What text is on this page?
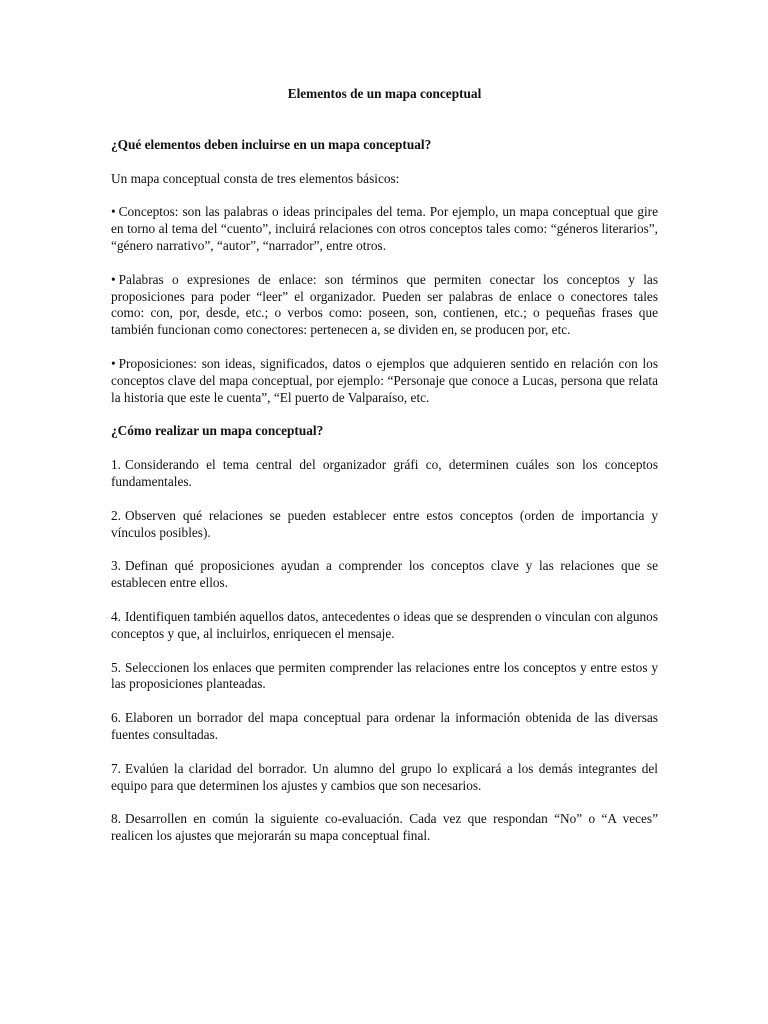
Elementos de un mapa conceptual
¿Qué elementos deben incluirse en un mapa conceptual?

Un mapa conceptual consta de tres elementos básicos:

• Conceptos: son las palabras o ideas principales del tema. Por ejemplo, un mapa conceptual que gire en torno al tema del “cuento”, incluirá relaciones con otros conceptos tales como: “géneros literarios”, “género narrativo”, “autor”, “narrador”, entre otros.

• Palabras o expresiones de enlace: son términos que permiten conectar los conceptos y las proposiciones para poder “leer” el organizador. Pueden ser palabras de enlace o conectores tales como: con, por, desde, etc.; o verbos como: poseen, son, contienen, etc.; o pequeñas frases que también funcionan como conectores: pertenecen a, se dividen en, se producen por, etc.

• Proposiciones: son ideas, significados, datos o ejemplos que adquieren sentido en relación con los conceptos clave del mapa conceptual, por ejemplo: “Personaje que conoce a Lucas, persona que relata la historia que este le cuenta”, “El puerto de Valparaíso, etc.

¿Cómo realizar un mapa conceptual?

1. Considerando el tema central del organizador gráfi co, determinen cuáles son los conceptos fundamentales.

2. Observen qué relaciones se pueden establecer entre estos conceptos (orden de importancia y vínculos posibles).

3. Definan qué proposiciones ayudan a comprender los conceptos clave y las relaciones que se establecen entre ellos.

4. Identifiquen también aquellos datos, antecedentes o ideas que se desprenden o vinculan con algunos conceptos y que, al incluirlos, enriquecen el mensaje.

5. Seleccionen los enlaces que permiten comprender las relaciones entre los conceptos y entre estos y las proposiciones planteadas.

6. Elaboren un borrador del mapa conceptual para ordenar la información obtenida de las diversas fuentes consultadas.

7. Evalúen la claridad del borrador. Un alumno del grupo lo explicará a los demás integrantes del equipo para que determinen los ajustes y cambios que son necesarios.

8. Desarrollen en común la siguiente co-evaluación. Cada vez que respondan “No” o “A veces” realicen los ajustes que mejorarán su mapa conceptual final.
